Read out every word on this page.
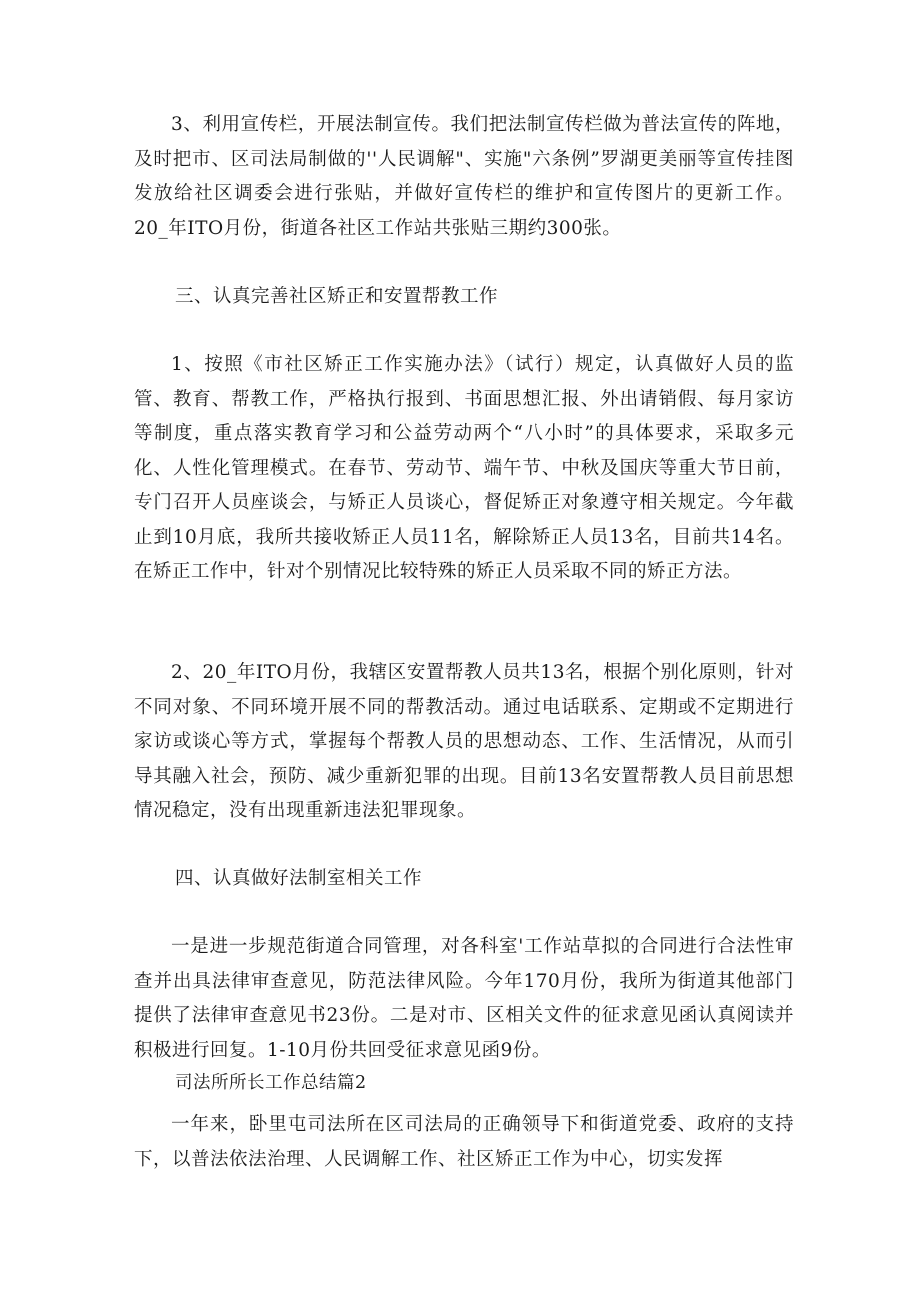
3、利用宣传栏，开展法制宣传。我们把法制宣传栏做为普法宣传的阵地，及时把市、区司法局制做的''人民调解"、实施"六条例”罗湖更美丽等宣传挂图发放给社区调委会进行张贴，并做好宣传栏的维护和宣传图片的更新工作。20_年ITO月份，街道各社区工作站共张贴三期约300张。

三、认真完善社区矫正和安置帮教工作

1、按照《市社区矫正工作实施办法》（试行）规定，认真做好人员的监管、教育、帮教工作，严格执行报到、书面思想汇报、外出请销假、每月家访等制度，重点落实教育学习和公益劳动两个“八小时”的具体要求，采取多元化、人性化管理模式。在春节、劳动节、端午节、中秋及国庆等重大节日前，专门召开人员座谈会，与矫正人员谈心，督促矫正对象遵守相关规定。今年截止到10月底，我所共接收矫正人员11名，解除矫正人员13名，目前共14名。在矫正工作中，针对个别情况比较特殊的矫正人员采取不同的矫正方法。

2、20_年ITO月份，我辖区安置帮教人员共13名，根据个别化原则，针对不同对象、不同环境开展不同的帮教活动。通过电话联系、定期或不定期进行家访或谈心等方式，掌握每个帮教人员的思想动态、工作、生活情况，从而引导其融入社会，预防、减少重新犯罪的出现。目前13名安置帮教人员目前思想情况稳定，没有出现重新违法犯罪现象。

四、认真做好法制室相关工作

一是进一步规范街道合同管理，对各科室'工作站草拟的合同进行合法性审查并出具法律审查意见，防范法律风险。今年170月份，我所为街道其他部门提供了法律审查意见书23份。二是对市、区相关文件的征求意见函认真阅读并积极进行回复。1-10月份共回受征求意见函9份。

司法所所长工作总结篇2

一年来，卧里屯司法所在区司法局的正确领导下和街道党委、政府的支持下，以普法依法治理、人民调解工作、社区矫正工作为中心，切实发挥
